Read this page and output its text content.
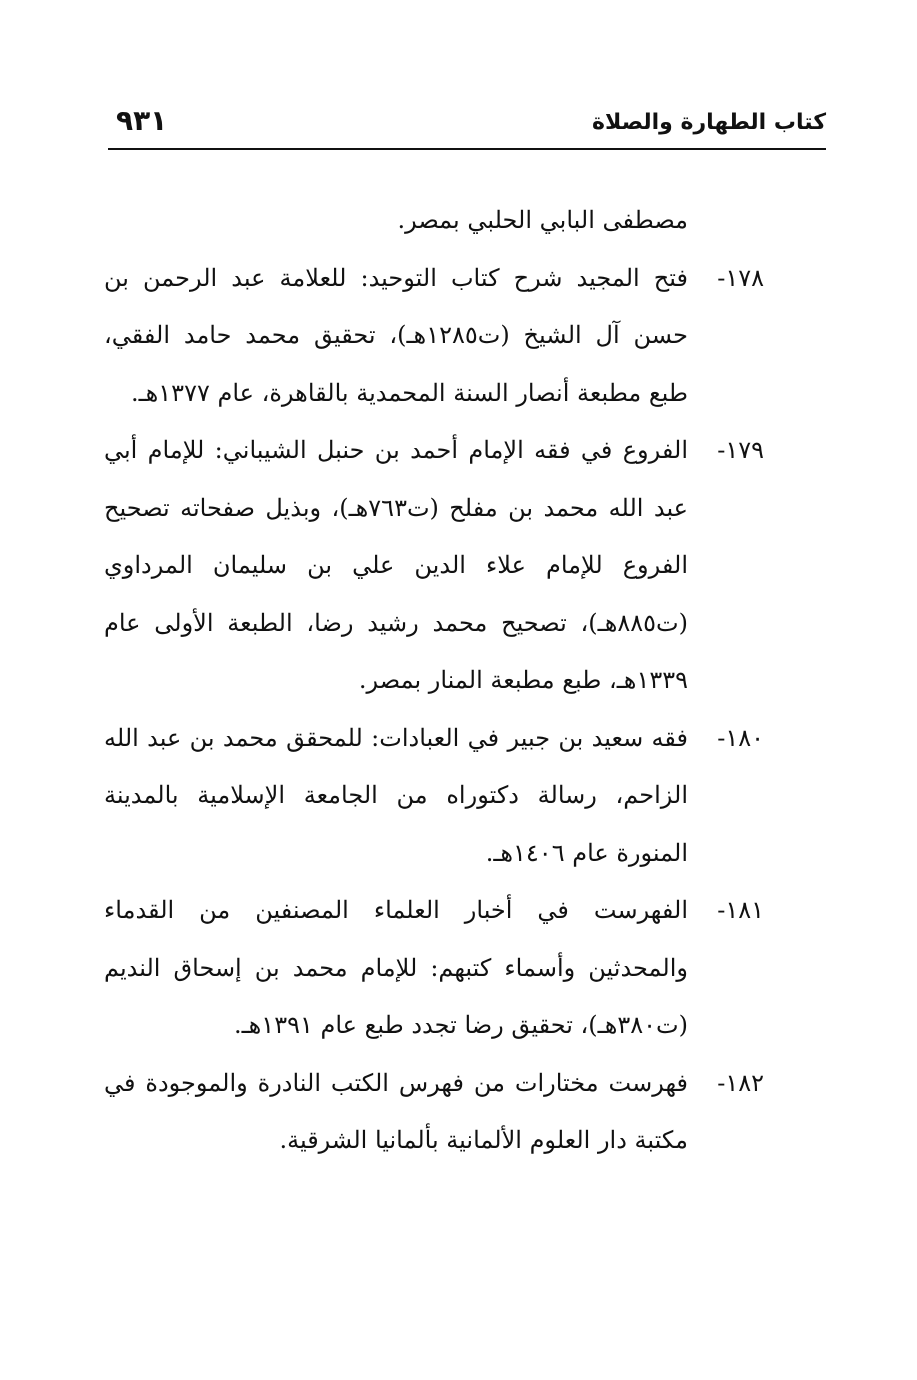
كتاب الطهارة والصلاة
٩٣١
مصطفى البابي الحلبي بمصر.
١٧٨-
فتح المجيد شرح كتاب التوحيد: للعلامة عبد الرحمن بن حسن آل الشيخ (ت١٢٨٥هـ)، تحقيق محمد حامد الفقي، طبع مطبعة أنصار السنة المحمدية بالقاهرة، عام ١٣٧٧هـ.
١٧٩-
الفروع في فقه الإمام أحمد بن حنبل الشيباني: للإمام أبي عبد الله محمد بن مفلح (ت٧٦٣هـ)، وبذيل صفحاته تصحيح الفروع للإمام علاء الدين علي بن سليمان المرداوي (ت٨٨٥هـ)، تصحيح محمد رشيد رضا، الطبعة الأولى عام ١٣٣٩هـ، طبع مطبعة المنار بمصر.
١٨٠-
فقه سعيد بن جبير في العبادات: للمحقق محمد بن عبد الله الزاحم، رسالة دكتوراه من الجامعة الإسلامية بالمدينة المنورة عام ١٤٠٦هـ.
١٨١-
الفهرست في أخبار العلماء المصنفين من القدماء والمحدثين وأسماء كتبهم: للإمام محمد بن إسحاق النديم (ت٣٨٠هـ)، تحقيق رضا تجدد طبع عام ١٣٩١هـ.
١٨٢-
فهرست مختارات من فهرس الكتب النادرة والموجودة في مكتبة دار العلوم الألمانية بألمانيا الشرقية.
